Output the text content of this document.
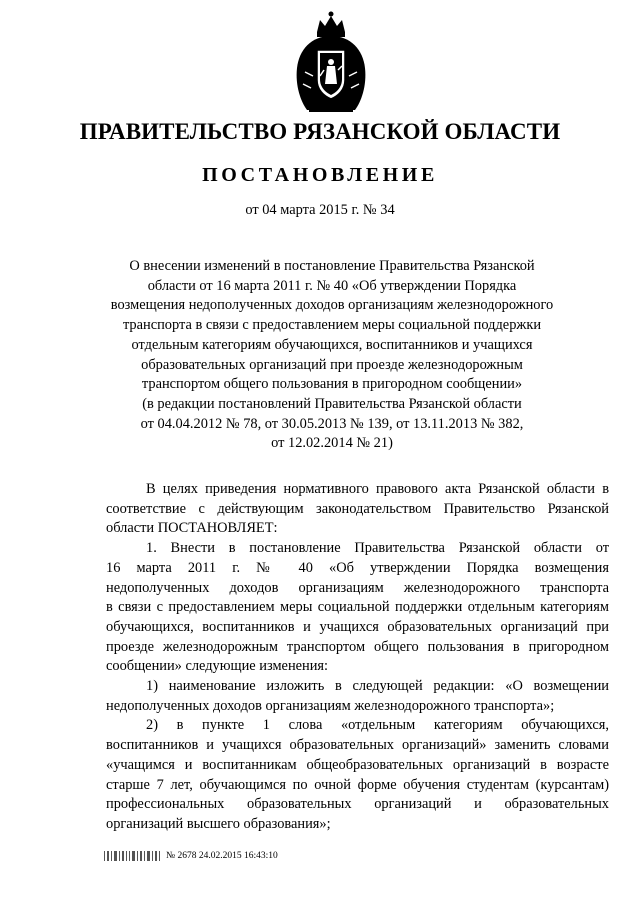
ПРАВИТЕЛЬСТВО РЯЗАНСКОЙ ОБЛАСТИ
ПОСТАНОВЛЕНИЕ
от 04 марта 2015 г. № 34
О внесении изменений в постановление Правительства Рязанской
области от 16 марта 2011 г. № 40 «Об утверждении Порядка
возмещения недополученных доходов организациям железнодорожного
транспорта в связи с предоставлением меры социальной поддержки
отдельным категориям обучающихся, воспитанников и учащихся
образовательных организаций при проезде железнодорожным
транспортом общего пользования в пригородном сообщении»
(в редакции постановлений Правительства Рязанской области
от 04.04.2012 № 78, от 30.05.2013 № 139, от 13.11.2013 № 382,
от 12.02.2014 № 21)
В целях приведения нормативного правового акта Рязанской области в
соответствие с действующим законодательством Правительство Рязанской
области ПОСТАНОВЛЯЕТ:
1. Внести в постановление Правительства Рязанской области от
16 марта 2011 г. № 40 «Об утверждении Порядка возмещения
недополученных доходов организациям железнодорожного транспорта
в связи с предоставлением меры социальной поддержки отдельным категориям
обучающихся, воспитанников и учащихся образовательных организаций при
проезде железнодорожным транспортом общего пользования в пригородном
сообщении» следующие изменения:
1) наименование изложить в следующей редакции: «О возмещении
недополученных доходов организациям железнодорожного транспорта»;
2) в пункте 1 слова «отдельным категориям обучающихся,
воспитанников и учащихся образовательных организаций» заменить словами
«учащимся и воспитанникам общеобразовательных организаций в возрасте
старше 7 лет, обучающимся по очной форме обучения студентам (курсантам)
профессиональных образовательных организаций и образовательных
организаций высшего образования»;
№ 2678 24.02.2015 16:43:10
